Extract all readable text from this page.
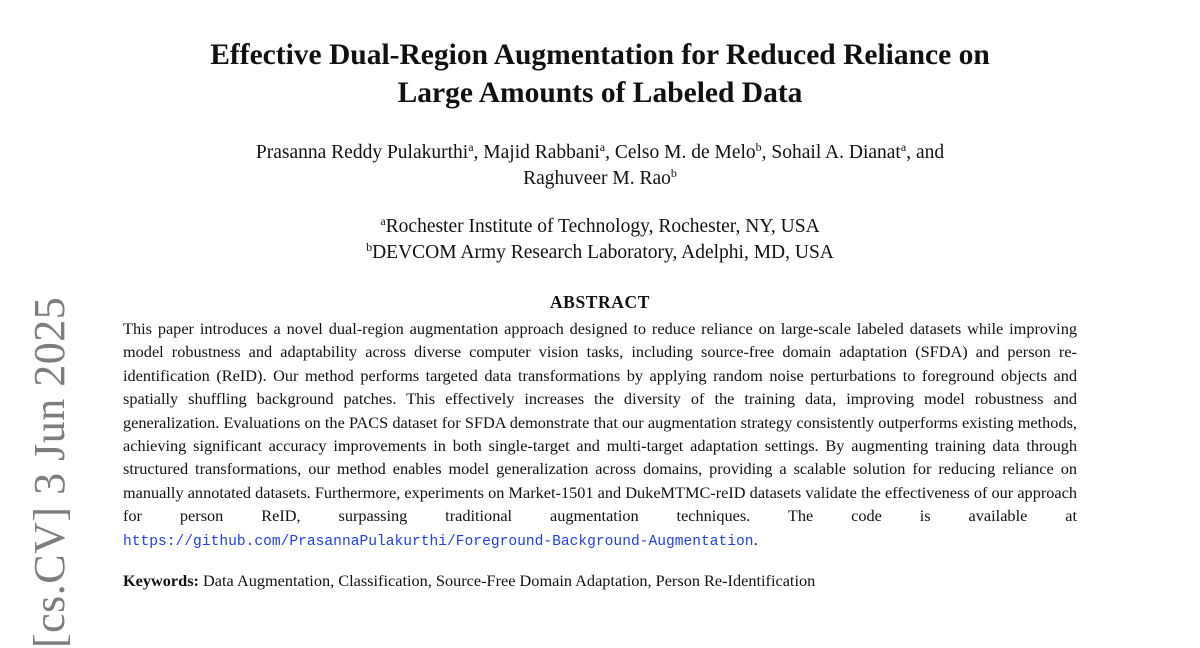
[cs.CV] 3 Jun 2025
Effective Dual-Region Augmentation for Reduced Reliance on
Large Amounts of Labeled Data
Prasanna Reddy Pulakurthi$^a$, Majid Rabbani$^a$, Celso M. de Melo$^b$, Sohail A. Dianat$^a$, and
Raghuveer M. Rao$^b$
$^a$Rochester Institute of Technology, Rochester, NY, USA
$^b$DEVCOM Army Research Laboratory, Adelphi, MD, USA
ABSTRACT
This paper introduces a novel dual-region augmentation approach designed to reduce reliance on large-scale labeled datasets while improving model robustness and adaptability across diverse computer vision tasks, including source-free domain adaptation (SFDA) and person re-identification (ReID). Our method performs targeted data transformations by applying random noise perturbations to foreground objects and spatially shuffling background patches. This effectively increases the diversity of the training data, improving model robustness and generalization. Evaluations on the PACS dataset for SFDA demonstrate that our augmentation strategy consistently outperforms existing methods, achieving significant accuracy improvements in both single-target and multi-target adaptation settings. By augmenting training data through structured transformations, our method enables model generalization across domains, providing a scalable solution for reducing reliance on manually annotated datasets. Furthermore, experiments on Market-1501 and DukeMTMC-reID datasets validate the effectiveness of our approach for person ReID, surpassing traditional augmentation techniques. The code is available at https://github.com/PrasannaPulakurthi/Foreground-Background-Augmentation.
Keywords: Data Augmentation, Classification, Source-Free Domain Adaptation, Person Re-Identification
